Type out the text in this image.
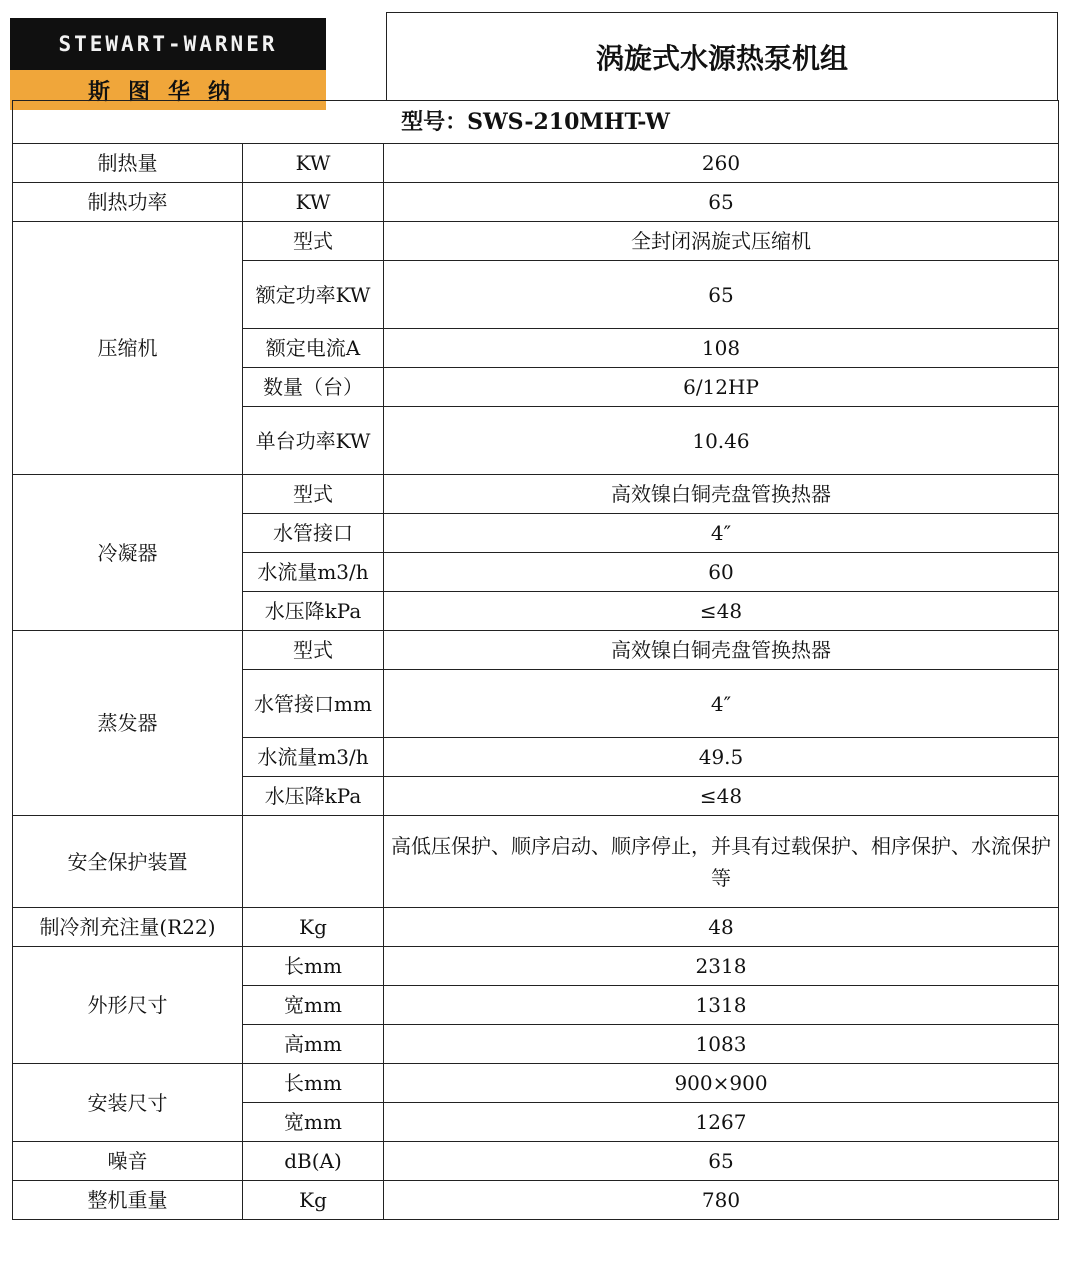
STEWART-WARNER
斯图华纳
涡旋式水源热泵机组
型号：SWS-210MHT-W		
制热量	KW	260
制热功率	KW	65
压缩机	型式	全封闭涡旋式压缩机
	额定功率KW	65
	额定电流A	108
	数量（台）	6/12HP
	单台功率KW	10.46
冷凝器	型式	高效镍白铜壳盘管换热器
	水管接口	4″
	水流量m3/h	60
	水压降kPa	≤48
蒸发器	型式	高效镍白铜壳盘管换热器
	水管接口mm	4″
	水流量m3/h	49.5
	水压降kPa	≤48
安全保护装置		高低压保护、顺序启动、顺序停止，并具有过载保护、相序保护、水流保护等
制冷剂充注量(R22)	Kg	48
外形尺寸	长mm	2318
	宽mm	1318
	高mm	1083
安装尺寸	长mm	900×900
	宽mm	1267
噪音	dB(A)	65
整机重量	Kg	780
